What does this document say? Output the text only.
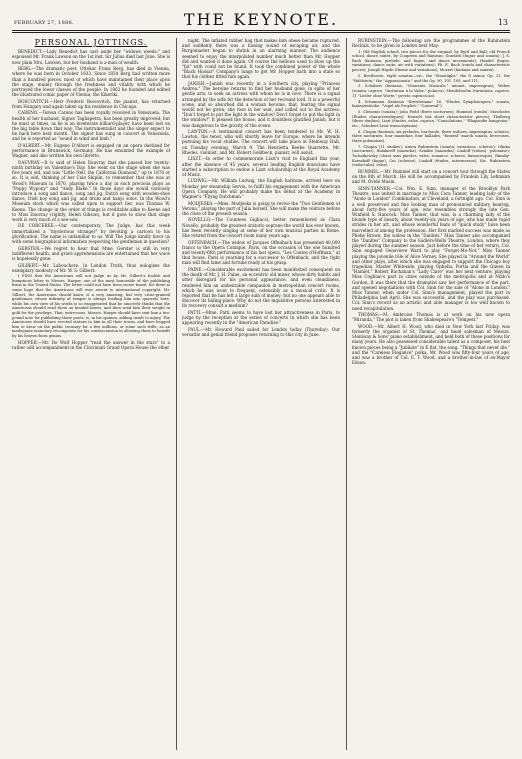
FEBRUARY 27, 1886.	THE KEYNOTE.	13
PERSONAL JOTTINGS.

BENEDICT.—Lady Benedict has cast aside her "widows weeds," and espoused Mr. Frank Lawson on the 1st inst. Sir Julius died last June. She is now plain Mrs. Lawson, but her husband is a man of wealth.

BERG.—The dramatic poet, Ottokar Franz Berg, has died in Vienna, where he was born in October 1833. Since 1854 Berg had written more than a hundred pieces, most of which have maintained their place upon the stage, mainly through the freshness and vitality with which he portrayed the lower classes of the people. In 1862 he founded and edited the illustrated comic paper of Vienna, the Kikeriki.

BOSCOVITCH.—Herr Frederic Boscovitch, the pianist, has returned from Hungary and again taken up his residence in Chicago.

CARENO.—Teresa Careno has been royally received in Venezuela. The health of her husband, Signor Tagliapetra, has been greatly improved; but he must at times, as he is an inveterate billiard-player, have been lost on the big table down that way. The instrumentalist and the singer expect to be back here next month. The signor has sung in concert in Venezuela, and he is reported as "sound in wind and limb."

D'ALBERT.—Mr. Eugene D'Albert is engaged on an opera destined for performance in Brunswick, Germany. He has emulated the example of Wagner, and also written his own libretto.

DAUVRAY.—It is said of Helen Dauvray that she passed her twenty-ninth birthday on Valentine's Day. She went on the stage when she was five years old, and was "Little Nell, the California Diamond," up to 1870 or so. It is odd, thinking of her Cale Skiplin, to remember that she was at Wood's Museum in 1870, playing twice a day in such precious plays as "Poppy Wypony" and "Andy Blake." In those days she would variously introduce a song and dance, song and jig, Dutch song with wooden-shoe dance, Irish boy song and jig, and drum and banjo solos. In the Wood's Museum stock which was called upon to support her, was Thomas W. Keene. The change in the order of things is creditable alike to Keene and to Miss Dauvray (rightly, Helen Gibson), but it goes to show that stage work is very much of a see-saw.

DE CORCEREE.—Our contemporary, The Judge, has this week immortalized a "mysterious stranger" by devoting a cartoon to his glorification. The name is unfamiliar to us. Will The Judge kindly favor us with some biographical information respecting the gentleman in question?

GERSTER.—We regret to hear that Mme. Gerster is still in very indifferent health, and grave apprehensions are entertained that her voice is hopelessly gone.

GILBERT.—Mr. Labouchere, in London Truth, thus eulogizes the exemplary modesty of Mr. W. S. Gilbert:

I FIND that the Americans will not judge us by Mr. Gilbert's foolish and bumptious letter to Messrs. Harper, one of the most honorable of the publishing firms in the United States. The letter could not have been worse timed, for there is some hope that the Americans will ever assent to international copyright. Mr. Gilbert, the Americans should know, is a very amusing, but very cross-grained gentleman, whose infirmity of temper is always leading him into quarrels here, while his own view of his works is so exaggerated that he sincerely thinks that the Americans should read them on bended knees, and then send him their weight in gold for the privilege. That, entre-nous, Messrs. Harper should have sent him a ten-pound note for publishing these poets, is, in his opinion, adding insult to injury. The Americans should have erected statues to him in all their towns, and have begged him to draw on the public treasury for a few millions, or some such trifle, as an inadequate monetary recompense for his condescension in allowing them to benefit by his heaven-born genius.

HOPPER.—Mr. De Wolf Hopper "read the answer in the stars" to a rather odd accompaniment in the Cincinnati Grand Opera House the other

night. The inflated rubber bag that makes him obese became ruptured, and suddenly there was a hissing sound of escaping air, and the Burgomaster began to shrink in an alarming manner. The audience seemed to enjoy the interpolated number much better than Mr. Hopper did and wanted it done again. Of course the bellows used to blow up the "fat" with could not be found. It took the combined power of the whole "Black Hussar" Company's lungs to get Mr. Hopper back into a state so that his clothes fitted him again.

JANISH.—Janish was recently in a Southern city, playing "Princess Andrea." The heroine returns to find her husband gone, in spite of her gentle arts, to seek an actress with whom he is in love. There is a signal arranged by the wife for the detection of her recreant lord. It is a powerful scene, and so absorbed did a woman become, that, fearing the signal would not be given, she rose in her seat, and called out to the actress: "Don't forget to put the light in the window! Don't forget to put the light in the window!" It pleased the house, and it doubtless gratified Janish, but it was dangerous to the gravity of the scene.

LAWTON.—A testimonial concert has been tendered to Mr. W. H. Lawton, the tenor, who will shortly leave for Europe, where he intends pursuing his vocal studies. The concert will take place at Steinway Hall, on Tuesday evening, March 9. The Henrietta Beebe Quartette, Mr. Rhodes, violinist, and Mr. Robert Goldbeck, pianist, will assist.

LISZT.—In order to commemorate Liszt's visit to England this year, after the absence of 45 years, several leading English musicians have started a subscription to endow a Liszt scholarship at the Royal Academy of Music.

LUDWIG.—Mr. William Ludwig, the English baritone, arrived here on Monday per steamship Servia, to fulfil his engagement with the American Opera Company. He will probably make his début at the Academy in Wagner's "Flying Dutchman."

MODJESKA.—Mme. Modjeska is going to revive the "Two Gentlemen of Verona," playing the part of Julia herself. She will make the venture before the close of the present season.

NOVELLO.—The Countess Gigliucci, better remembered as Clara Novello, probably the greatest oratorio soprano the world has ever known, has been recently singing at some of her own musical parties in Rome. She retired from the concert room many years ago.

OFFENBACH.—The widow of Jacques Offenbach has presented 40,000 francs to the Opera Comique, Paris, on the occasion of the one hundred and twenty-fifth performance of his last opera, "Les Contes d'Hoffman," at that house. Paris is yearning for a successor to Offenbach, and the right man will find fame and fortune ready at his grasp.

PAINE.—Considerable excitement has been manifested consequent on the death of Mr. J. H. Paine, an eccentric old miser, whose dirty habits and utter disregard for his personal appearance, and even cleanliness, rendered him an undesirable companion in metropolitan concert rooms, which he was wont to frequent, ostensibly as a musical critic. It is reported that he has left a large sum of money; but no one appears able to discover its hiding-place. Why do not the inquisitive persons interested in its recovery consult a medium?

PATTI.—Mme. Patti seems to have lost her attractiveness in Paris, to judge by the reception at the series of concerts in which she has been appearing recently in the "American Paradise."

PAUL.—Mr. Howard Paul sailed for London today (Thursday). Our versatile and genial friend proposes returning to this city in June.

RUBINSTEIN.—The following are the programmes of the Rubinstein Recitals, to be given in London next May:

1. Old English school, two pieces for the virginal, by Byrd and Bull; old French school, dance suites, by Couperin and Rameau; Scarlatti (fugue and sonata); J. S. Bach (fantasia, prelude, and fugue, and dance movements); Handel (fugue, variations, dance suite, air with variations); Ph. E. Bach (rondo and characteristic pieces); Joseph Haydn (theme and variations); Mozart (fantasia and sonata).

2. Beethoven, eight sonatas—viz., the "Moonlight," the D minor, Op. 31, the "Waldstein," the "Appassionata," and the Op. 90, 101, 109, and 111.

3. Schubert (fantasia, "Moments Musicals," minuet, impromptus); Weber (sonata, caprice, "Invitation à la Valse," polacca); Mendelssohn (variations, caprice, 11 "Lieder ohne Worte," presto capriccioso).

4. Schumann (fantasia "Kreisleriana" 16, "Études Symphoniques," sonata, fantasiestücke, "Vogel als Prophet," "Carneval").

5. Clementi (sonata); John Field (three nocturnes); Hummel (rondo); Moscheles (Études characteristiques); Henselt (six short characteristic pieces); Thalberg (three studies); Liszt (études, valse, caprice, "Consolations," "Rhapsodie hongroise," etc.; Schubert-Liszt transcriptions).

6. Chopin (fantasia, six preludes, barcarole, three waltzes, impromptus, scherzo, three nocturnes, four mazurkas, four ballades, "funeral" march sonata, berceuses, three polonaises).

7. Chopin (11 studies); Anton Rubinstein (sonata, variations, scherzo); Glinka (nocturnes), Balakireff (mazurka), Ssinkin (mazurka), Liadoff (valses), polonaise); Tschaikowsky (chant sans paroles, valse, romance, scherzo, humoresque), Rimsky-Korsakoff (fugue), Cui (scherzo), Liadoff (études, intermezzos), Nic. Rubinstein (valse-tuba), valse).

RUMMEL.—Mr. Rummel will start on a concert tour through the States on the 8th of March. He will be accompanied by Fraulein Lily Lehmann and M. Ovide Musin.

SINN-TANNER.—Col. Wm. E. Sinn, manager of the Brooklyn Park Theatre, was united in marriage to Miss Cora Tanner, leading lady of the "Alone in London" Combination, at Cleveland, a fortnight ago. Col. Sinn is a well preserved and fine looking man of pronounced military bearing, about forty-five years of age, who resembles strongly the late Gen. Winfield S. Hancock. Miss Tanner, that was, is a charming lady of the blonde type of beauty, about twenty-six years of age, who has made rapid strides in her art, and whose wonderful feats of "quick study" have been marvelled at among the profession. Her first marked success was made as Phelie Brown, the widow in the "Danites." Miss Tanner also accompanied the "Danites" Company to the Sadlers-Wells Theatre, London, where they played during the summer season. Just before the time of her return, Col. Sinn engaged Genevieve Ward to play "Forget-Me-Not." Miss Tanner playing the juvenile rôle of Alice Verney. She played in "Around the World" and other plays, after which she was engaged to support the Chicago boy tragedian, Master Whiteside, playing Ophelia, Portia and the Queen in "Hamlet." Robert Buchanan's "Lady Clare" was her next venture, playing Miss Coghlan's part in cities outside of the metropolis and at Niblo's Garden. It was there that the dramatist saw her performance of the part, and opened negotiations with Col. Sinn for the sale of "Alone in London." Miss Tanner, when under Col. Sinn's management, played the part in Philadelphia last April. She was successful, and the play was purchased. Col. Sinn's record as an artistic and able manager is too well known to need recapitulation.

THOMAS.—M. Ambroise Thomas is at work on his new opera "Miranda." The plot is taken from Shakespeare's "Tempest."

WOOD.—Mr. Albert H. Wood, who died in New York last Friday, was formerly the organist of St. Thomas', and head salesman of Messrs. Steinway & Sons' piano establishment, and held both of these positions for many years. He also possessed considerable talent as a composer, his best known pieces being a "Jubilate" in E flat, the song, "Things that never die," and the "Careless Elegance" polka. Mr. Wood was fifty-four years of age, and was a brother of Col. E. T. Wood, and a brother-in-law of ex-Mayor Edson.
